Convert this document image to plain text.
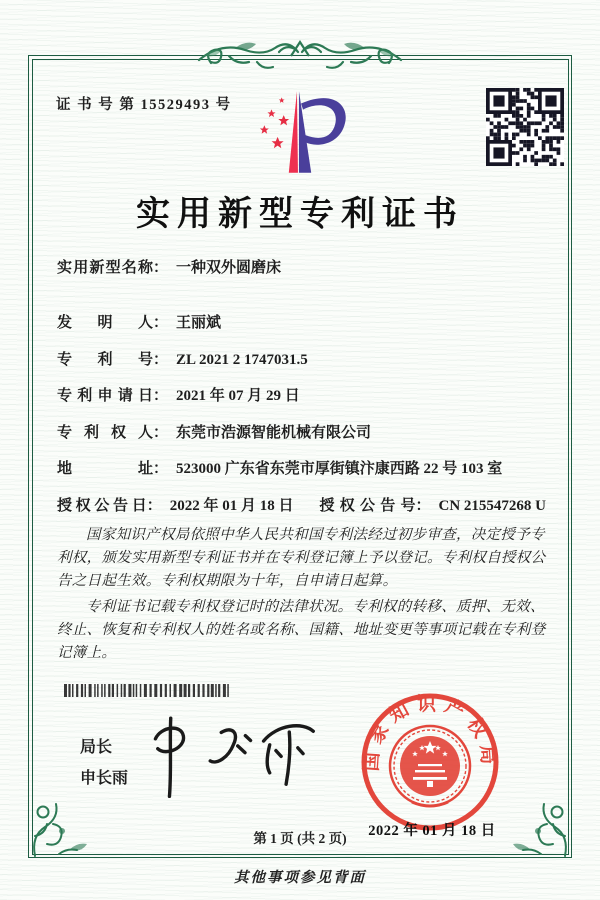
证 书 号 第 15529493 号
实用新型专利证书
实用新型名称 ： 一种双外圆磨床
发明人 ： 王丽斌
专利号 ： ZL 2021 2 1747031.5
专利申请日 ： 2021 年 07 月 29 日
专利权人 ： 东莞市浩源智能机械有限公司
地址 ： 523000 广东省东莞市厚街镇汴康西路 22 号 103 室
授权公告日 ： 2022 年 01 月 18 日 授权公告号 ： CN 215547268 U

国家知识产权局依照中华人民共和国专利法经过初步审查，决定授予专利权，颁发实用新型专利证书并在专利登记簿上予以登记。专利权自授权公告之日起生效。专利权期限为十年，自申请日起算。

专利证书记载专利权登记时的法律状况。专利权的转移、质押、无效、终止、恢复和专利权人的姓名或名称、国籍、地址变更等事项记载在专利登记簿上。

局长
申长雨
国家知识产权局
2022 年 01 月 18 日
第 1 页 (共 2 页)
其他事项参见背面
